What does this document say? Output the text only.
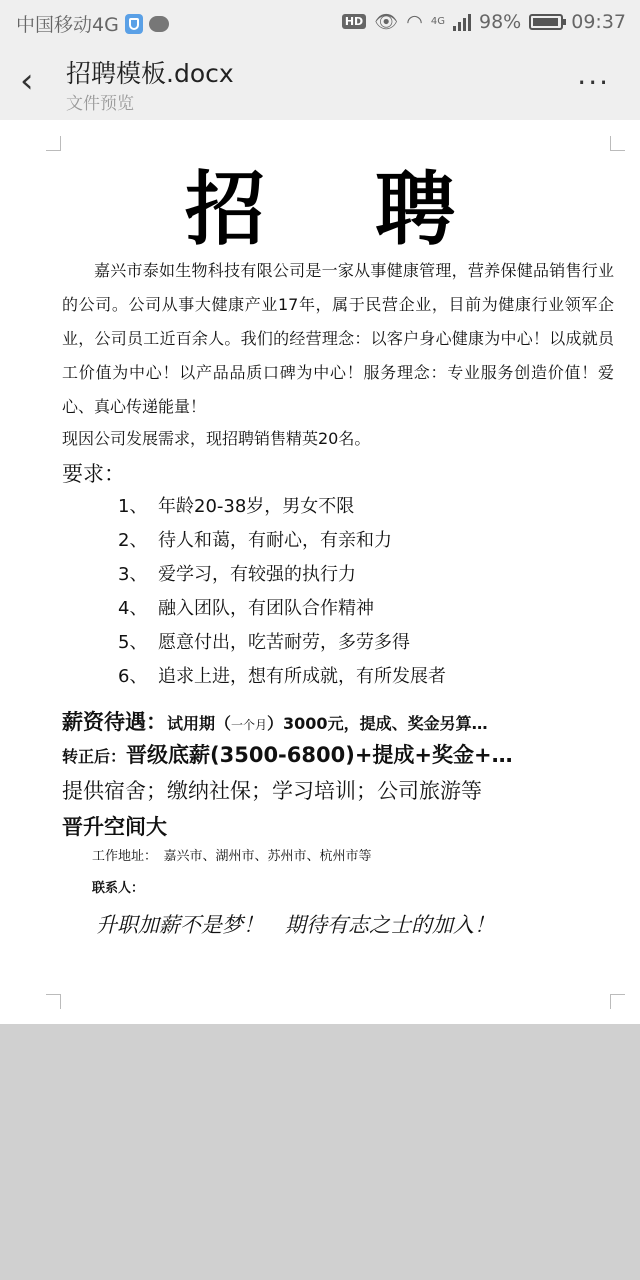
中国移动4G	HD 👁 ◠ 4G 98%	09:37
‹ 招聘模板.docx
文件预览
···
招聘
嘉兴市泰如生物科技有限公司是一家从事健康管理，营养保健品销售行业的公司。公司从事大健康产业17年，属于民营企业，目前为健康行业领军企业，公司员工近百余人。我们的经营理念：以客户身心健康为中心！以成就员工价值为中心！以产品品质口碑为中心！服务理念：专业服务创造价值！爱心、真心传递能量！
现因公司发展需求，现招聘销售精英20名。
要求：
1、 年龄20-38岁，男女不限
2、 待人和蔼，有耐心，有亲和力
3、 爱学习，有较强的执行力
4、 融入团队，有团队合作精神
5、 愿意付出，吃苦耐劳，多劳多得
6、 追求上进，想有所成就，有所发展者
薪资待遇：试用期（一个月）3000元，提成、奖金另算…
转正后：晋级底薪(3500-6800)+提成+奖金+…
提供宿舍；缴纳社保；学习培训；公司旅游等
晋升空间大
工作地址：　嘉兴市、湖州市、苏州市、杭州市等
联系人：
升职加薪不是梦！　期待有志之士的加入！
